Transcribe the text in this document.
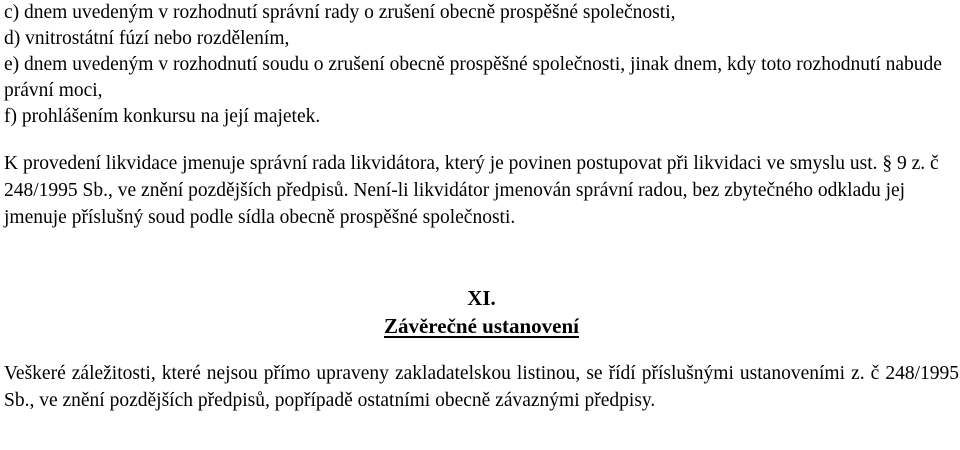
c) dnem uvedeným v rozhodnutí správní rady o zrušení obecně prospěšné společnosti,
d) vnitrostátní fúzí nebo rozdělením,
e) dnem uvedeným v rozhodnutí soudu o zrušení obecně prospěšné společnosti, jinak dnem, kdy toto rozhodnutí nabude právní moci,
f) prohlášením konkursu na její majetek.

K provedení likvidace jmenuje správní rada likvidátora, který je povinen postupovat při likvidaci ve smyslu ust. § 9 z. č 248/1995 Sb., ve znění pozdějších předpisů. Není-li likvidátor jmenován správní radou, bez zbytečného odkladu jej jmenuje příslušný soud podle sídla obecně prospěšné společnosti.

XI.
Závěrečné ustanovení

Veškeré záležitosti, které nejsou přímo upraveny zakladatelskou listinou, se řídí příslušnými ustanoveními z. č 248/1995 Sb., ve znění pozdějších předpisů, popřípadě ostatními obecně závaznými předpisy.
